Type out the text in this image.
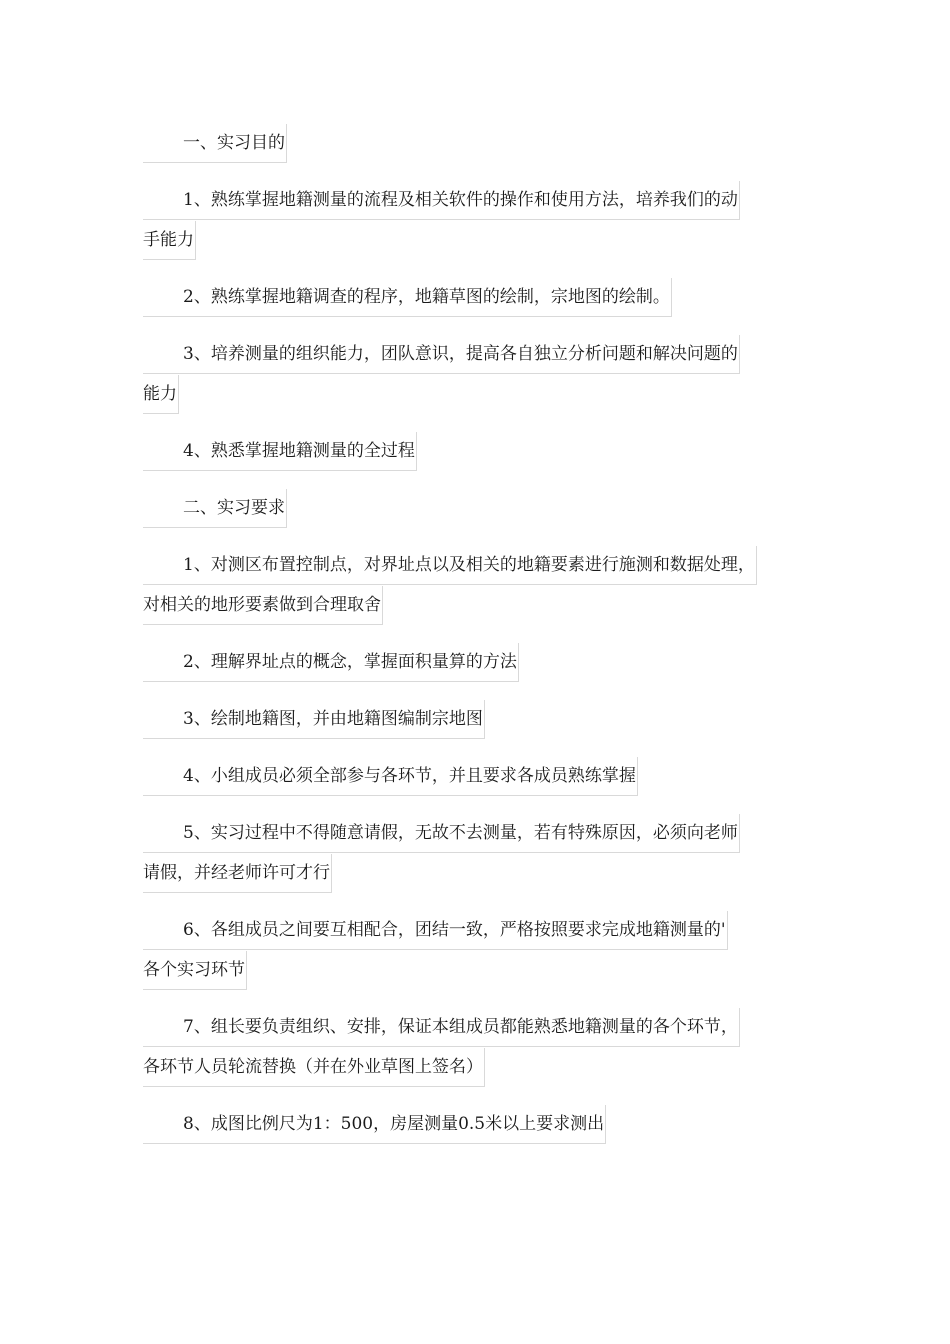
一、实习目的

1、熟练掌握地籍测量的流程及相关软件的操作和使用方法，培养我们的动
手能力

2、熟练掌握地籍调查的程序，地籍草图的绘制，宗地图的绘制。

3、培养测量的组织能力，团队意识，提高各自独立分析问题和解决问题的
能力

4、熟悉掌握地籍测量的全过程

二、实习要求

1、对测区布置控制点，对界址点以及相关的地籍要素进行施测和数据处理，
对相关的地形要素做到合理取舍

2、理解界址点的概念，掌握面积量算的方法

3、绘制地籍图，并由地籍图编制宗地图

4、小组成员必须全部参与各环节，并且要求各成员熟练掌握

5、实习过程中不得随意请假，无故不去测量，若有特殊原因，必须向老师
请假，并经老师许可才行

6、各组成员之间要互相配合，团结一致，严格按照要求完成地籍测量的'
各个实习环节

7、组长要负责组织、安排，保证本组成员都能熟悉地籍测量的各个环节，
各环节人员轮流替换（并在外业草图上签名）

8、成图比例尺为1：500，房屋测量0.5米以上要求测出
